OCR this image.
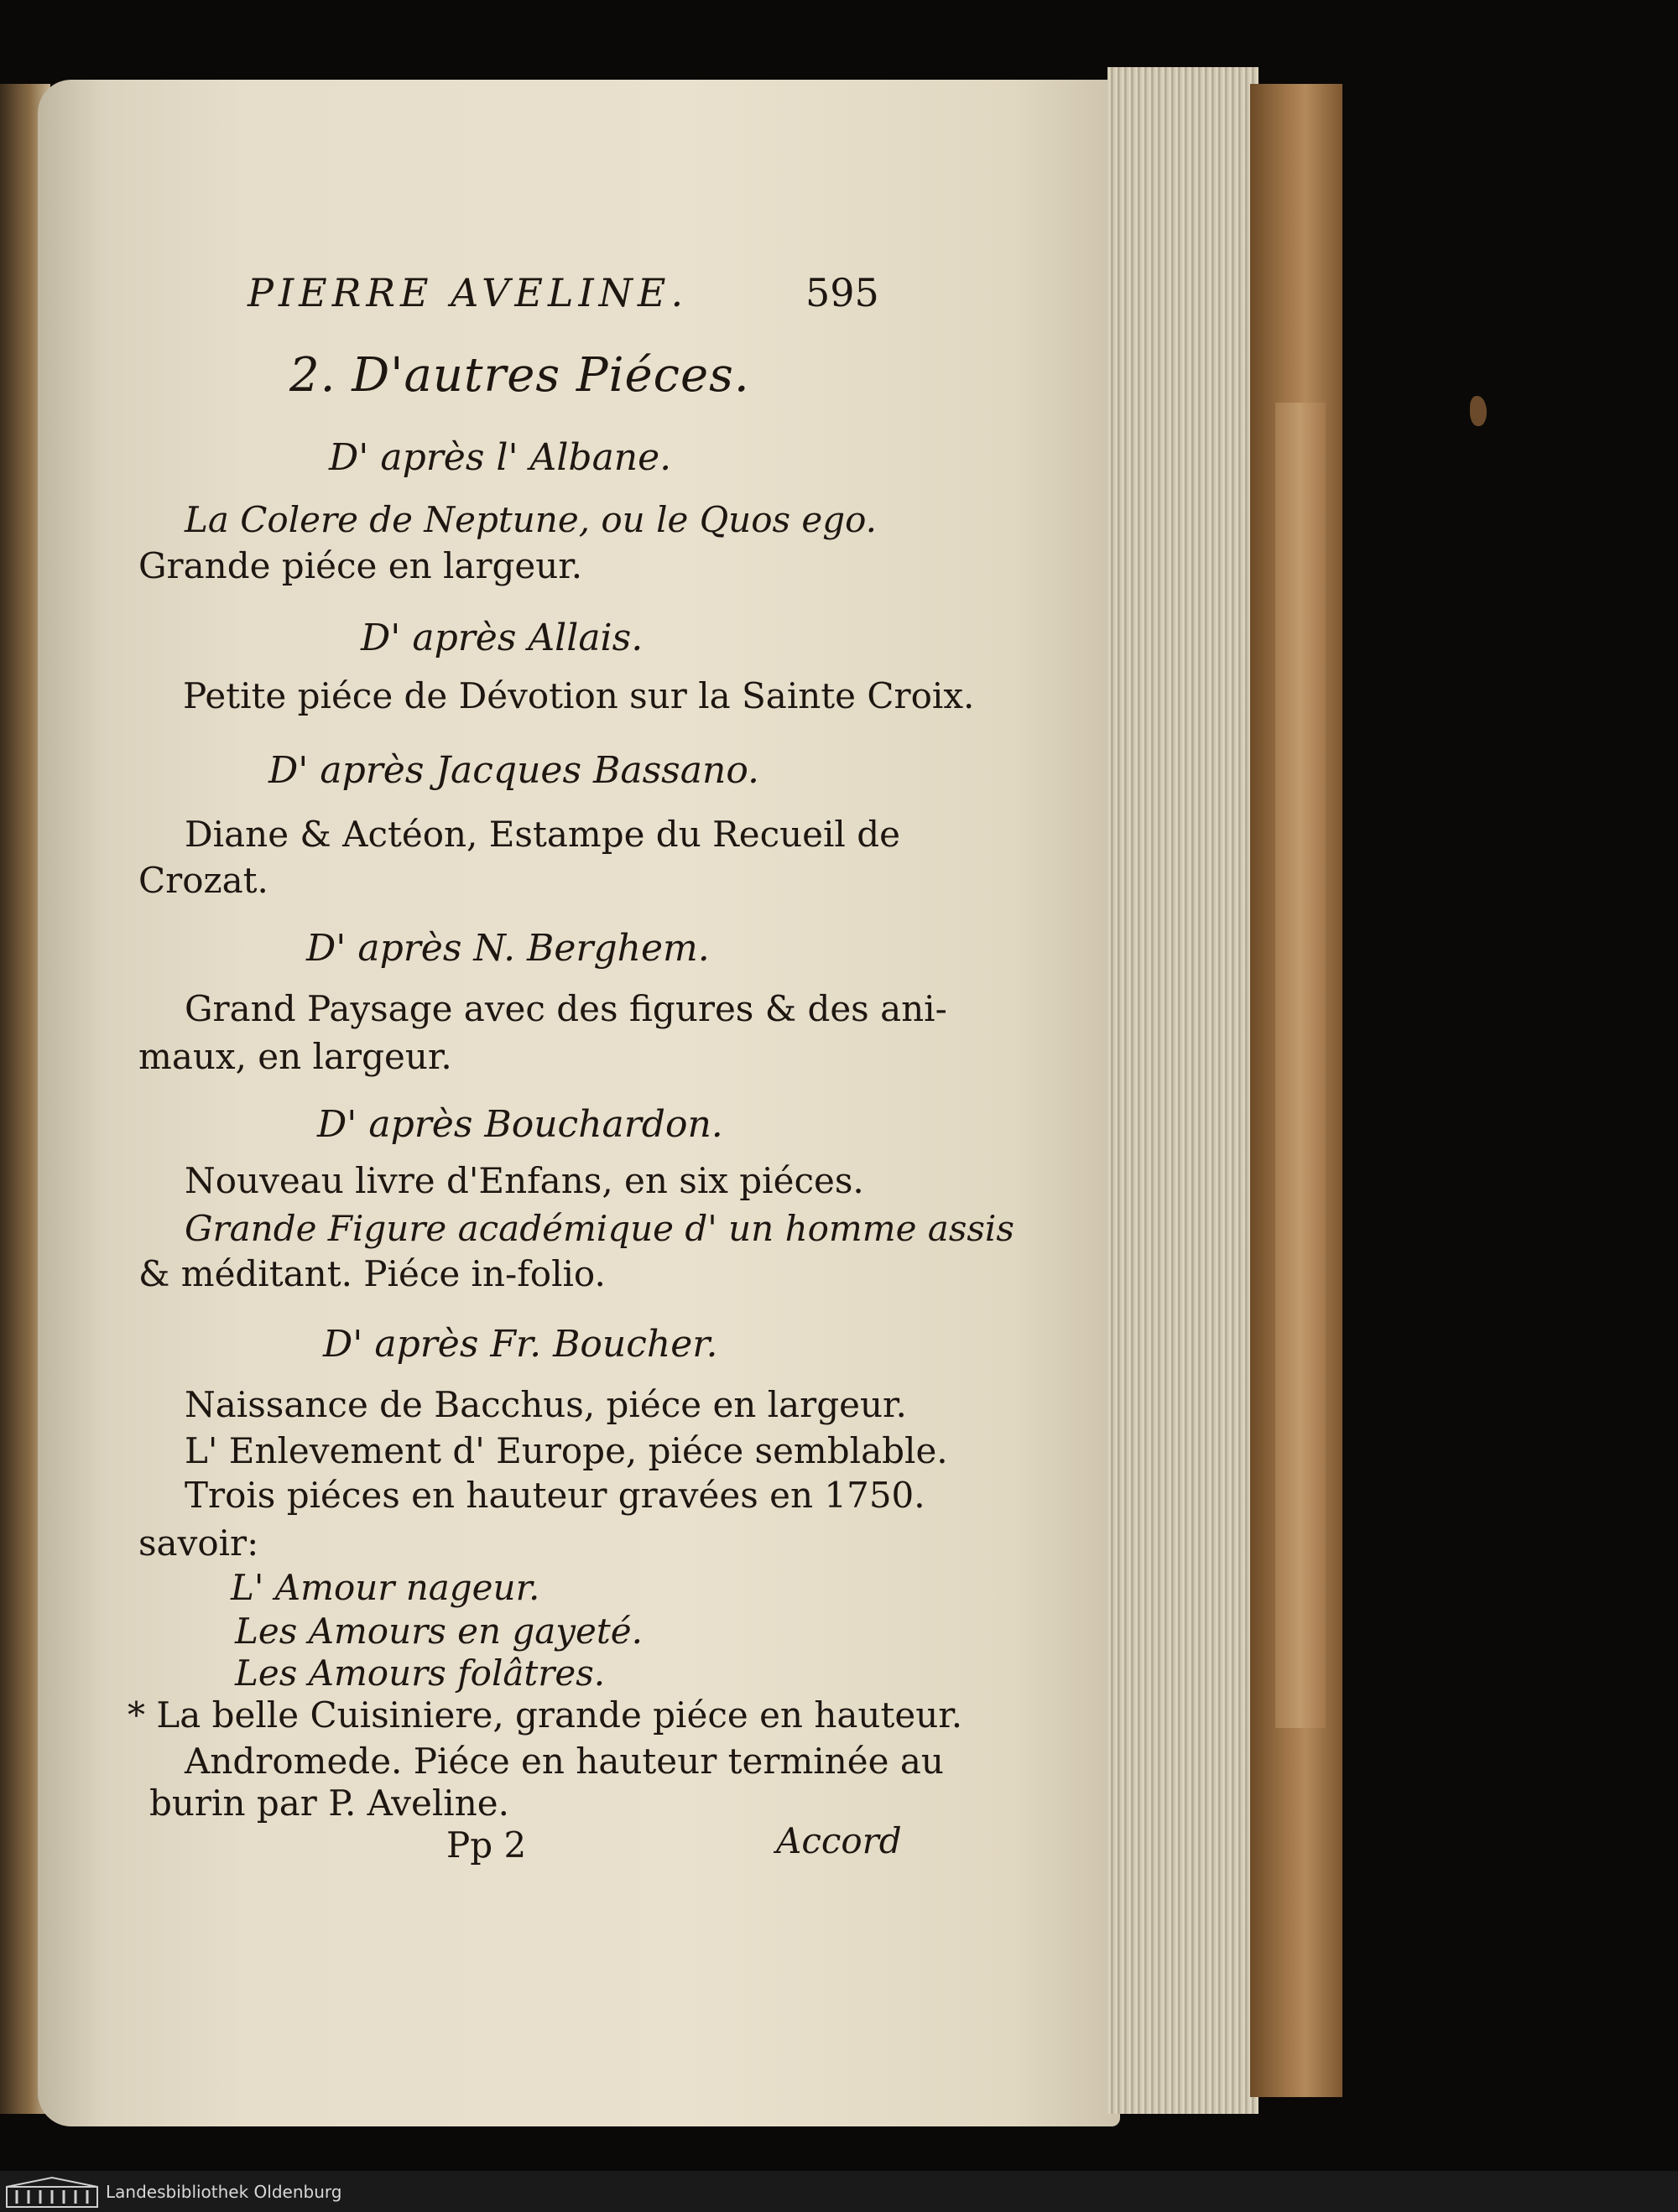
PIERRE AVELINE.	595
2. D'autres Piéces.
D' après l' Albane.
La Colere de Neptune, ou le Quos ego.
Grande piéce en largeur.
D' après Allais.
Petite piéce de Dévotion sur la Sainte Croix.
D' après Jacques Bassano.
Diane & Actéon, Estampe du Recueil de
Crozat.
D' après N. Berghem.
Grand Paysage avec des figures & des ani-
maux, en largeur.
D' après Bouchardon.
Nouveau livre d'Enfans, en six piéces.
Grande Figure académique d' un homme assis
& méditant. Piéce in-folio.
D' après Fr. Boucher.
Naissance de Bacchus, piéce en largeur.
L' Enlevement d' Europe, piéce semblable.
Trois piéces en hauteur gravées en 1750.
savoir:
L' Amour nageur.
Les Amours en gayeté.
Les Amours folâtres.
* La belle Cuisiniere, grande piéce en hauteur.
Andromede. Piéce en hauteur terminée au
burin par P. Aveline.
Pp 2	Accord
Landesbibliothek Oldenburg
